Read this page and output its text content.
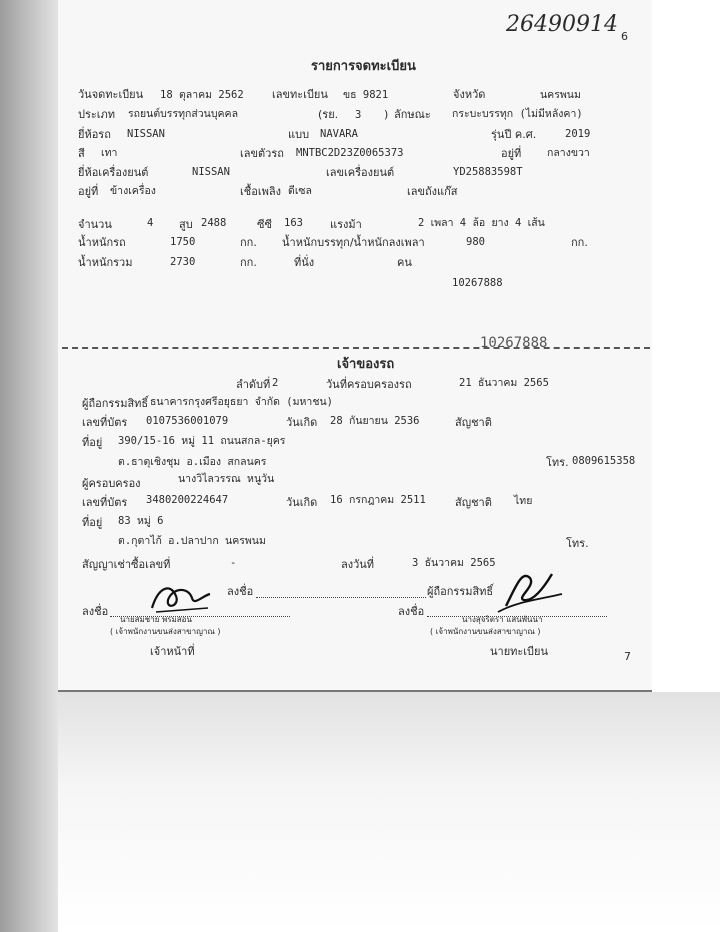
26490914 6
รายการจดทะเบียน
วันจดทะเบียน 18 ตุลาคม 2562	เลขทะเบียน ขธ 9821	จังหวัด	นครพนม
ประเภท รถยนต์บรรทุกส่วนบุคคล	(รย. 3 ) ลักษณะ กระบะบรรทุก (ไม่มีหลังคา)
ยี่ห้อรถ NISSAN	แบบ NAVARA	รุ่นปี ค.ศ.	2019
สี เทา	เลขตัวรถ MNTBC2D23Z0065373	อยู่ที่ กลางขวา
ยี่ห้อเครื่องยนต์	NISSAN	เลขเครื่องยนต์	YD25883598T
อยู่ที่ ข้างเครื่อง	เชื้อเพลิง ดีเซล	เลขถังแก๊ส
จำนวน	4 สูบ 2488	ซีซี 163 แรงม้า	2 เพลา 4 ล้อ ยาง 4 เส้น
น้ำหนักรถ	1750	กก. น้ำหนักบรรทุก/น้ำหนักลงเพลา	980	กก.
น้ำหนักรวม	2730	กก.	ที่นั่ง	คน
10267888
10267888
เจ้าของรถ
ลำดับที่ 2	วันที่ครอบครองรถ	21 ธันวาคม 2565
ผู้ถือกรรมสิทธิ์ ธนาคารกรุงศรีอยุธยา จำกัด (มหาชน)
เลขที่บัตร 0107536001079	วันเกิด 28 กันยายน 2536	สัญชาติ
ที่อยู่ 390/15-16 หมู่ 11 ถนนสกล-ยุคร
ต.ธาตุเชิงชุม อ.เมือง สกลนคร	โทร. 0809615358
ผู้ครอบครอง	นางวิไลวรรณ หนูวัน
เลขที่บัตร 3480200224647	วันเกิด 16 กรกฎาคม 2511	สัญชาติ ไทย
ที่อยู่ 83 หมู่ 6
ต.กุตาไก้ อ.ปลาปาก นครพนม	โทร.
สัญญาเช่าซื้อเลขที่	-	ลงวันที่	3 ธันวาคม 2565
ลงชื่อ	ผู้ถือกรรมสิทธิ์
ลงชื่อ	ลงชื่อ
นายสมชาย พรมสอน
( เจ้าพนักงานขนส่งสาขาญาณ )
เจ้าหน้าที่
นางสุจริตรา แสนพันนา
( เจ้าพนักงานขนส่งสาขาญาณ )
นายทะเบียน	7
